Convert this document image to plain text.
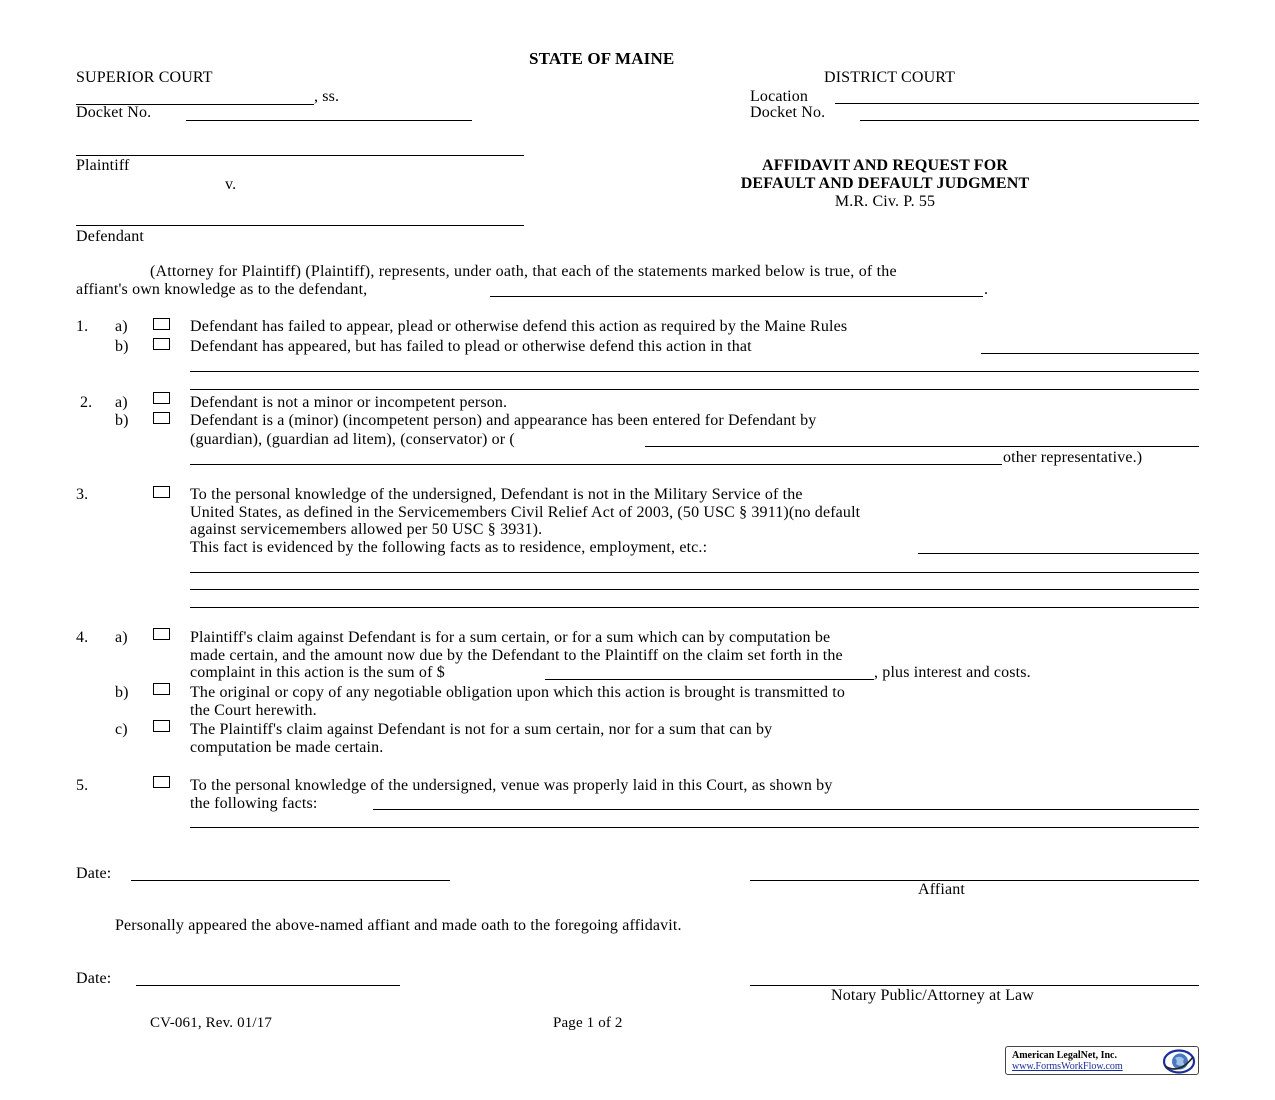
STATE OF MAINE
SUPERIOR COURT	DISTRICT COURT
, ss.	Location
Docket No.	Docket No.
Plaintiff
v.
Defendant
AFFIDAVIT AND REQUEST FOR
DEFAULT AND DEFAULT JUDGMENT
M.R. Civ. P. 55
(Attorney for Plaintiff) (Plaintiff), represents, under oath, that each of the statements marked below is true, of the
affiant's own knowledge as to the defendant,	.
1. a)	Defendant has failed to appear, plead or otherwise defend this action as required by the Maine Rules
b)	Defendant has appeared, but has failed to plead or otherwise defend this action in that
2. a)	Defendant is not a minor or incompetent person.
b)	Defendant is a (minor) (incompetent person) and appearance has been entered for Defendant by
(guardian), (guardian ad litem), (conservator) or (
other representative.)
3.	To the personal knowledge of the undersigned, Defendant is not in the Military Service of the
United States, as defined in the Servicemembers Civil Relief Act of 2003, (50 USC § 3911)(no default
against servicemembers allowed per 50 USC § 3931).
This fact is evidenced by the following facts as to residence, employment, etc.:
4. a)	Plaintiff's claim against Defendant is for a sum certain, or for a sum which can by computation be
made certain, and the amount now due by the Defendant to the Plaintiff on the claim set forth in the
complaint in this action is the sum of $	, plus interest and costs.
b)	The original or copy of any negotiable obligation upon which this action is brought is transmitted to
the Court herewith.
c)	The Plaintiff's claim against Defendant is not for a sum certain, nor for a sum that can by
computation be made certain.
5.	To the personal knowledge of the undersigned, venue was properly laid in this Court, as shown by
the following facts:
Date:
Affiant
Personally appeared the above-named affiant and made oath to the foregoing affidavit.
Date:
Notary Public/Attorney at Law
CV-061, Rev. 01/17	Page 1 of 2
American LegalNet, Inc.
www.FormsWorkFlow.com
